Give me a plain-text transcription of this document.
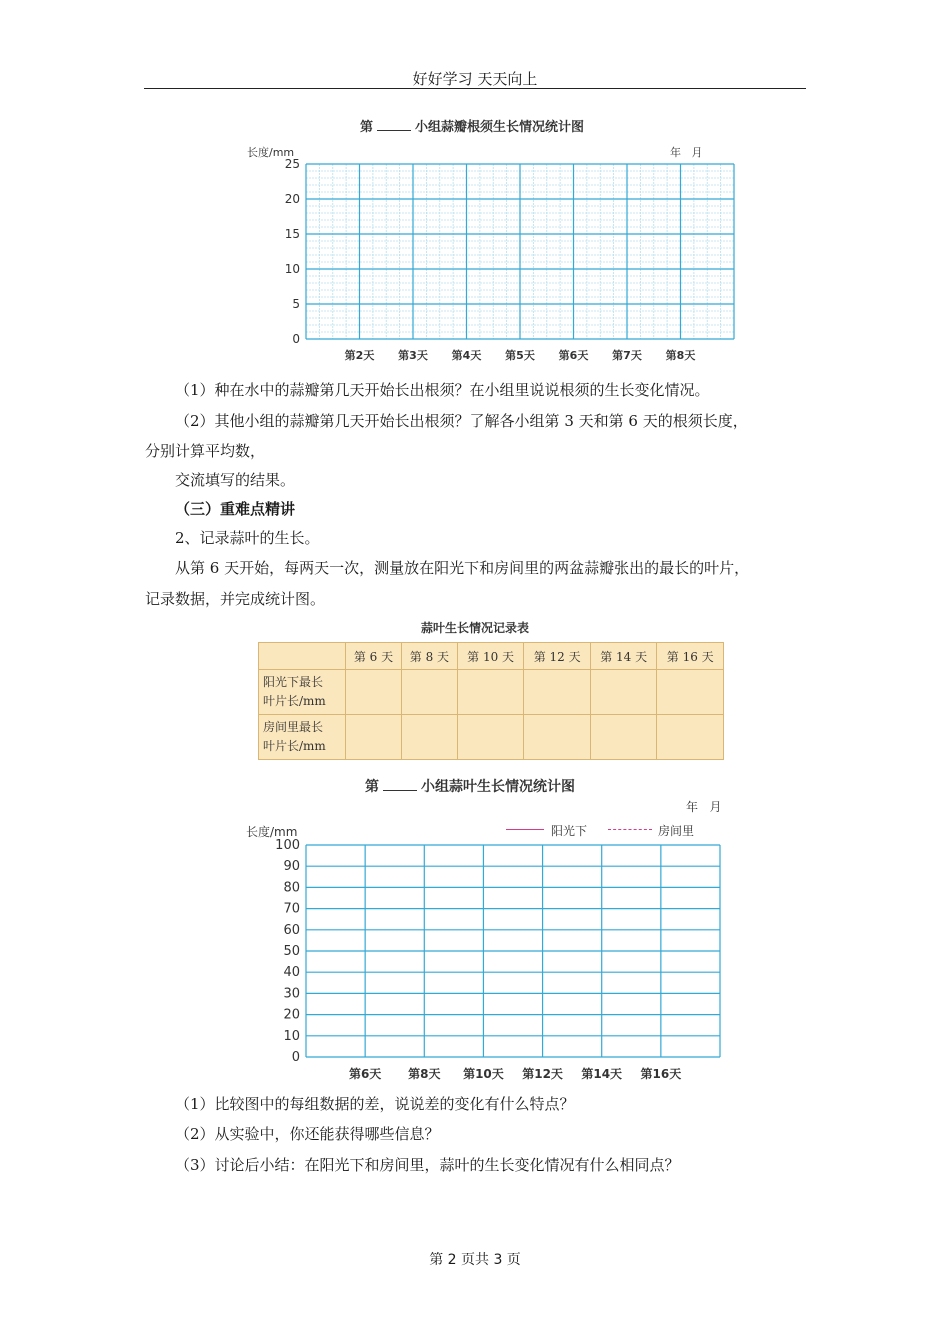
好好学习 天天向上
第	小组蒜瓣根须生长情况统计图
长度/mm	年   月
0
5
10
15
20
25
第2天 第3天 第4天 第5天 第6天 第7天 第8天
（1）种在水中的蒜瓣第几天开始长出根须？在小组里说说根须的生长变化情况。
（2）其他小组的蒜瓣第几天开始长出根须？了解各小组第 3 天和第 6 天的根须长度，
分别计算平均数，
交流填写的结果。
（三）重难点精讲
2、记录蒜叶的生长。
从第 6 天开始，每两天一次，测量放在阳光下和房间里的两盆蒜瓣张出的最长的叶片，
记录数据，并完成统计图。
蒜叶生长情况记录表
	第 6 天	第 8 天	第 10 天	第 12 天	第 14 天	第 16 天
阳光下最长
叶片长/mm						
房间里最长
叶片长/mm						
第	小组蒜叶生长情况统计图
年   月
长度/mm	阳光下	房间里
0
10
20
30
40
50
60
70
80
90
100
第6天 第8天 第10天 第12天 第14天 第16天
（1）比较图中的每组数据的差，说说差的变化有什么特点？
（2）从实验中，你还能获得哪些信息？
（3）讨论后小结：在阳光下和房间里，蒜叶的生长变化情况有什么相同点？
第 2 页共 3 页
